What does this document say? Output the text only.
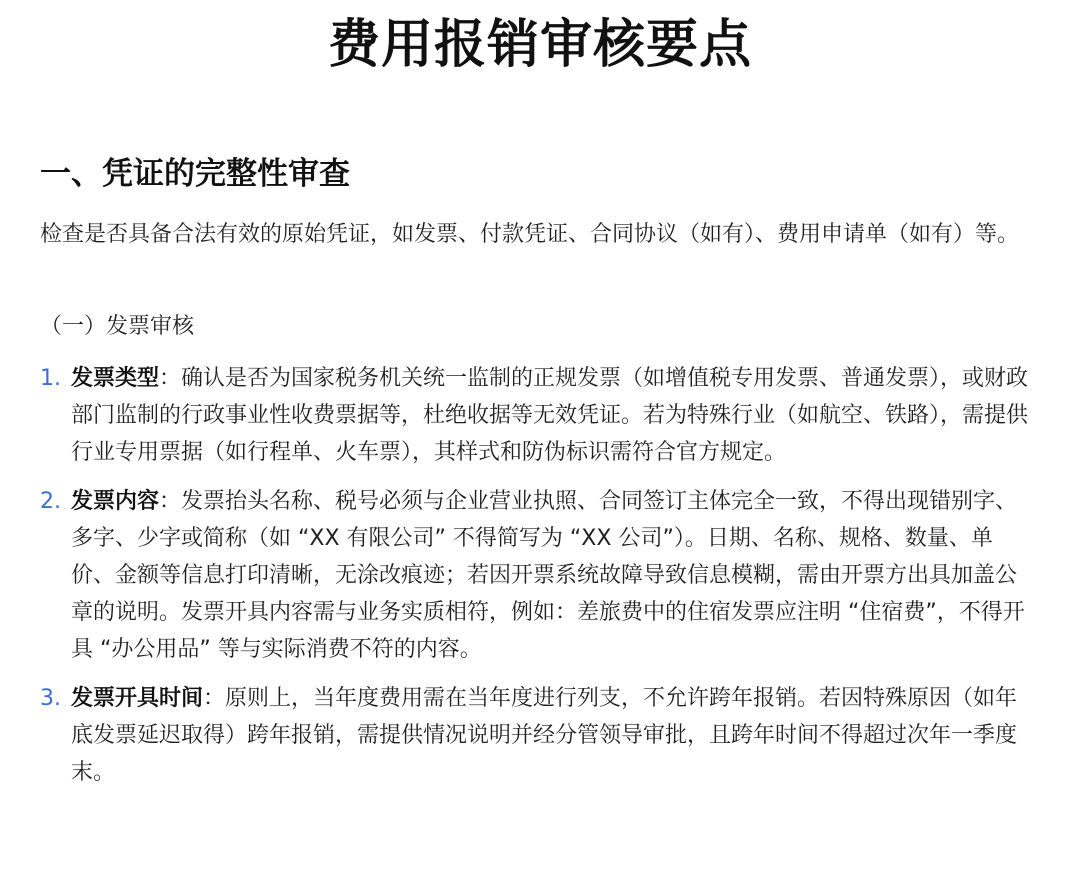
费用报销审核要点
一、凭证的完整性审查

检查是否具备合法有效的原始凭证，如发票、付款凭证、合同协议（如有）、费用申请单（如有）等。

（一）发票审核

1. 发票类型：确认是否为国家税务机关统一监制的正规发票（如增值税专用发票、普通发票），或财政部门监制的行政事业性收费票据等，杜绝收据等无效凭证。若为特殊行业（如航空、铁路），需提供行业专用票据（如行程单、火车票），其样式和防伪标识需符合官方规定。
2. 发票内容：发票抬头名称、税号必须与企业营业执照、合同签订主体完全一致，不得出现错别字、多字、少字或简称（如 “XX 有限公司” 不得简写为 “XX 公司”）。日期、名称、规格、数量、单价、金额等信息打印清晰，无涂改痕迹；若因开票系统故障导致信息模糊，需由开票方出具加盖公章的说明。发票开具内容需与业务实质相符，例如：差旅费中的住宿发票应注明 “住宿费”，不得开具 “办公用品” 等与实际消费不符的内容。
3. 发票开具时间：原则上，当年度费用需在当年度进行列支，不允许跨年报销。若因特殊原因（如年底发票延迟取得）跨年报销，需提供情况说明并经分管领导审批，且跨年时间不得超过次年一季度末。
